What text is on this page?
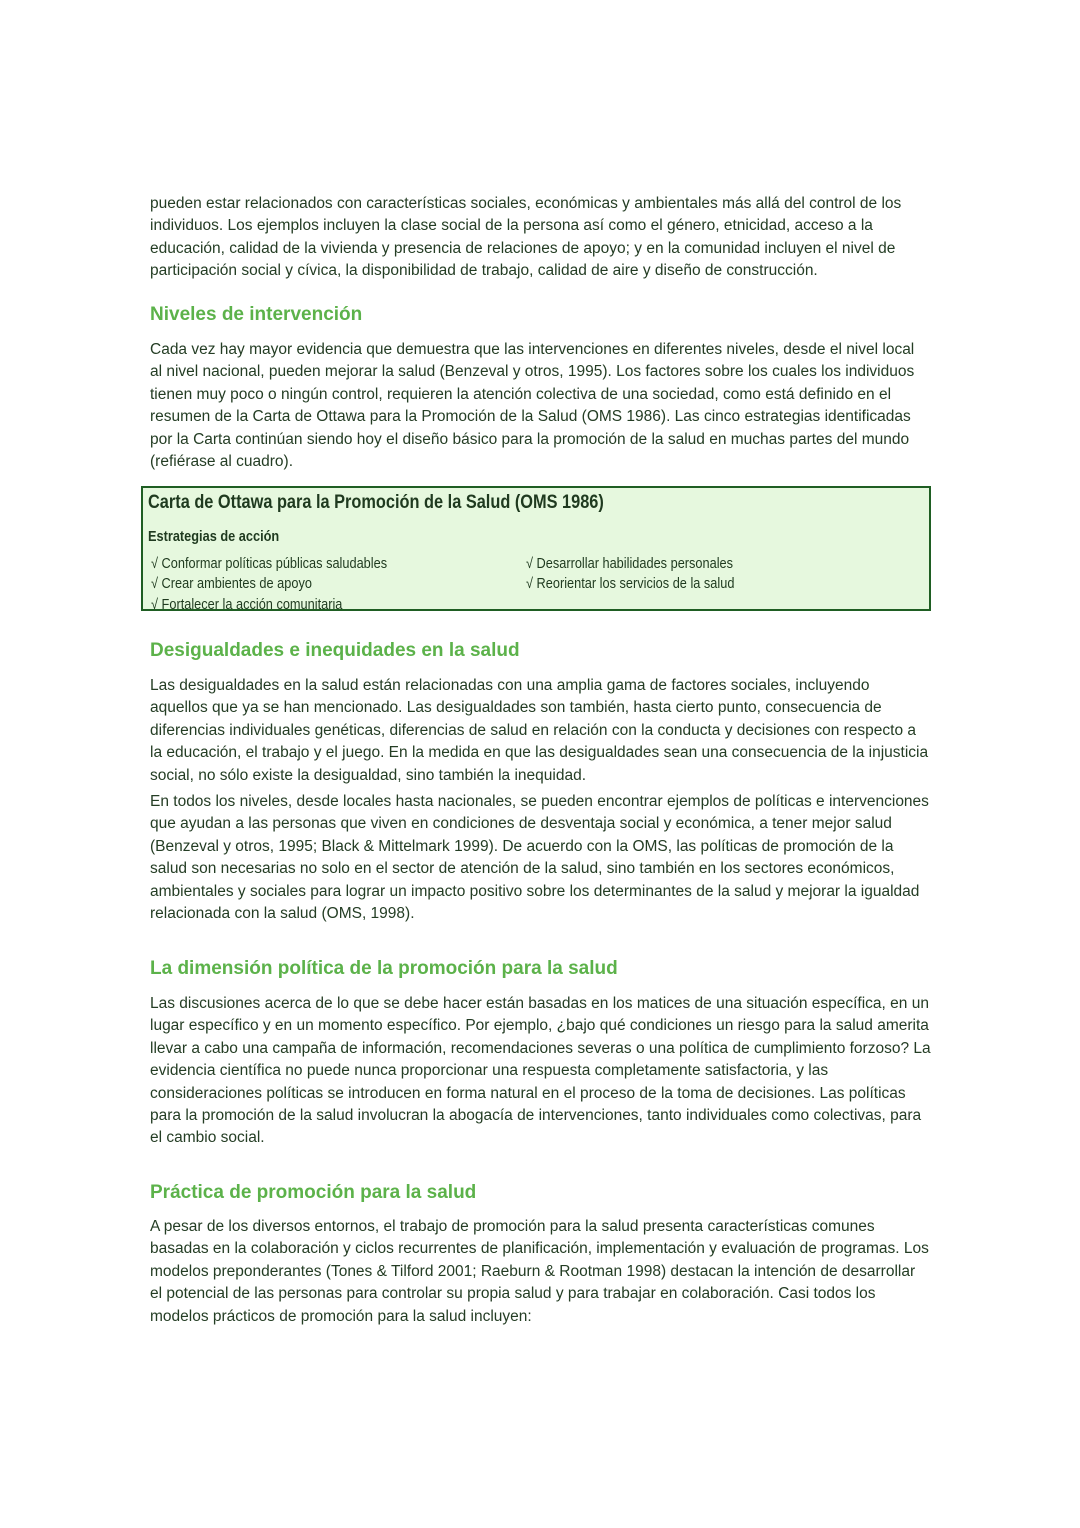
pueden estar relacionados con características sociales, económicas y ambientales más allá del control de los individuos. Los ejemplos incluyen la clase social de la persona así como el género, etnicidad, acceso a la educación, calidad de la vivienda y presencia de relaciones de apoyo; y en la comunidad incluyen el nivel de participación social y cívica, la disponibilidad de trabajo, calidad de aire y diseño de construcción.

Niveles de intervención

Cada vez hay mayor evidencia que demuestra que las intervenciones en diferentes niveles, desde el nivel local al nivel nacional, pueden mejorar la salud (Benzeval y otros, 1995). Los factores sobre los cuales los individuos tienen muy poco o ningún control, requieren la atención colectiva de una sociedad, como está definido en el resumen de la Carta de Ottawa para la Promoción de la Salud (OMS 1986). Las cinco estrategias identificadas por la Carta continúan siendo hoy el diseño básico para la promoción de la salud en muchas partes del mundo (refiérase al cuadro).

Carta de Ottawa para la Promoción de la Salud (OMS 1986)
Estrategias de acción
√ Conformar políticas públicas saludables
√ Crear ambientes de apoyo
√ Fortalecer la acción comunitaria
√ Desarrollar habilidades personales
√ Reorientar los servicios de la salud
Desigualdades e inequidades en la salud

Las desigualdades en la salud están relacionadas con una amplia gama de factores sociales, incluyendo aquellos que ya se han mencionado. Las desigualdades son también, hasta cierto punto, consecuencia de diferencias individuales genéticas, diferencias de salud en relación con la conducta y decisiones con respecto a la educación, el trabajo y el juego. En la medida en que las desigualdades sean una consecuencia de la injusticia social, no sólo existe la desigualdad, sino también la inequidad.

En todos los niveles, desde locales hasta nacionales, se pueden encontrar ejemplos de políticas e intervenciones que ayudan a las personas que viven en condiciones de desventaja social y económica, a tener mejor salud (Benzeval y otros, 1995; Black & Mittelmark 1999). De acuerdo con la OMS, las políticas de promoción de la salud son necesarias no solo en el sector de atención de la salud, sino también en los sectores económicos, ambientales y sociales para lograr un impacto positivo sobre los determinantes de la salud y mejorar la igualdad relacionada con la salud (OMS, 1998).

La dimensión política de la promoción para la salud

Las discusiones acerca de lo que se debe hacer están basadas en los matices de una situación específica, en un lugar específico y en un momento específico. Por ejemplo, ¿bajo qué condiciones un riesgo para la salud amerita llevar a cabo una campaña de información, recomendaciones severas o una política de cumplimiento forzoso? La evidencia científica no puede nunca proporcionar una respuesta completamente satisfactoria, y las consideraciones políticas se introducen en forma natural en el proceso de la toma de decisiones. Las políticas para la promoción de la salud involucran la abogacía de intervenciones, tanto individuales como colectivas, para el cambio social.

Práctica de promoción para la salud

A pesar de los diversos entornos, el trabajo de promoción para la salud presenta características comunes basadas en la colaboración y ciclos recurrentes de planificación, implementación y evaluación de programas. Los modelos preponderantes (Tones & Tilford 2001; Raeburn & Rootman 1998) destacan la intención de desarrollar el potencial de las personas para controlar su propia salud y para trabajar en colaboración. Casi todos los modelos prácticos de promoción para la salud incluyen:
